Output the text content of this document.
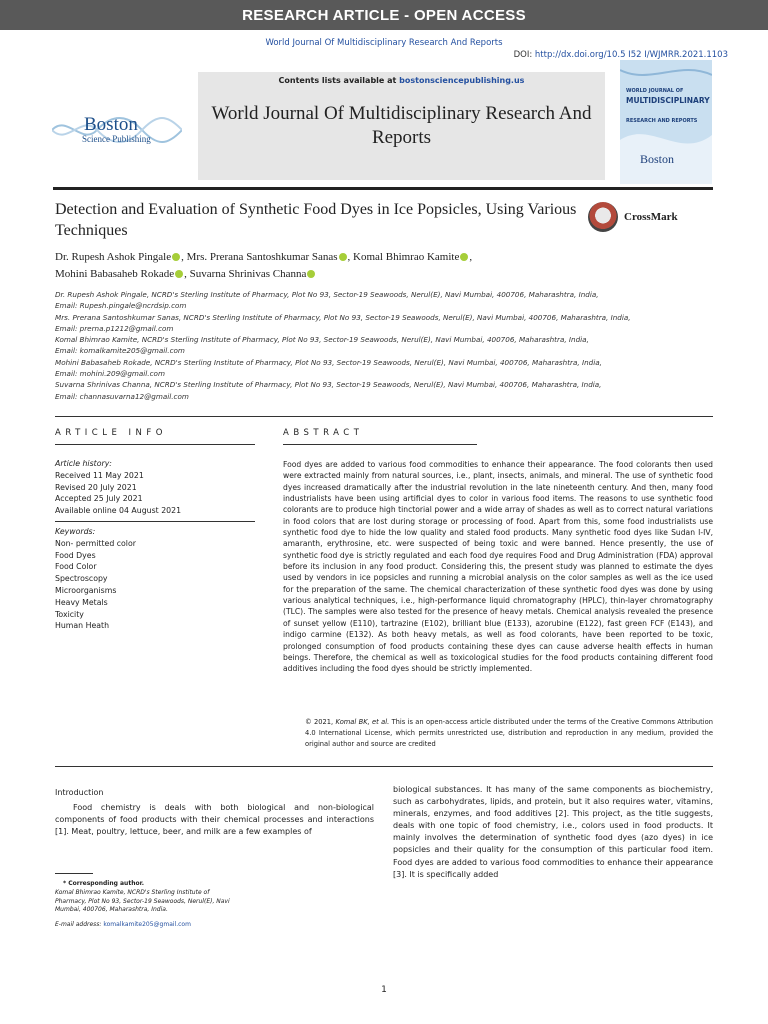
RESEARCH ARTICLE - OPEN ACCESS
World Journal Of Multidisciplinary Research And Reports
DOI: http://dx.doi.org/10.5 I52 I/WJMRR.2021.1103
Boston
Science Publishing
Contents lists available at bostonsciencepublishing.us
World Journal Of Multidisciplinary Research And Reports
WORLD JOURNAL OF
MULTIDISCIPLINARY
RESEARCH AND REPORTS
Boston
Detection and Evaluation of Synthetic Food Dyes in Ice Popsicles, Using Various Techniques
CrossMark
Dr. Rupesh Ashok Pingale , Mrs. Prerana Santoshkumar Sanas , Komal Bhimrao Kamite ,
Mohini Babasaheb Rokade , Suvarna Shrinivas Channa
Dr. Rupesh Ashok Pingale, NCRD's Sterling Institute of Pharmacy, Plot No 93, Sector-19 Seawoods, Nerul(E), Navi Mumbai, 400706, Maharashtra, India,
Email: Rupesh.pingale@ncrdsip.com
Mrs. Prerana Santoshkumar Sanas, NCRD's Sterling Institute of Pharmacy, Plot No 93, Sector-19 Seawoods, Nerul(E), Navi Mumbai, 400706, Maharashtra, India,
Email: prerna.p1212@gmail.com
Komal Bhimrao Kamite, NCRD's Sterling Institute of Pharmacy, Plot No 93, Sector-19 Seawoods, Nerul(E), Navi Mumbai, 400706, Maharashtra, India,
Email: komalkamite205@gmail.com
Mohini Babasaheb Rokade, NCRD's Sterling Institute of Pharmacy, Plot No 93, Sector-19 Seawoods, Nerul(E), Navi Mumbai, 400706, Maharashtra, India,
Email: mohini.209@gmail.com
Suvarna Shrinivas Channa, NCRD's Sterling Institute of Pharmacy, Plot No 93, Sector-19 Seawoods, Nerul(E), Navi Mumbai, 400706, Maharashtra, India,
Email: channasuvarna12@gmail.com
ARTICLE INFO	ABSTRACT
Article history:
Received 11 May 2021
Revised 20 July 2021
Accepted 25 July 2021
Available online 04 August 2021
Keywords:
Non- permitted color
Food Dyes
Food Color
Spectroscopy
Microorganisms
Heavy Metals
Toxicity
Human Heath
Food dyes are added to various food commodities to enhance their appearance. The food colorants then used were extracted mainly from natural sources, i.e., plant, insects, animals, and mineral. The use of synthetic food dyes increased dramatically after the industrial revolution in the late nineteenth century. And then, many food industrialists have been using artificial dyes to color in various food items. The reasons to use synthetic food colorants are to produce high tinctorial power and a wide array of shades as well as to correct natural variations in food colors that are lost during storage or processing of food. Apart from this, some food industrialists use synthetic food dye to hide the low quality and staled food products. Many synthetic food dyes like Sudan I-IV, amaranth, erythrosine, etc. were suspected of being toxic and were banned. Hence presently, the use of synthetic food dye is strictly regulated and each food dye requires Food and Drug Administration (FDA) approval before its inclusion in any food product. Considering this, the present study was planned to estimate the dyes used by vendors in ice popsicles and running a microbial analysis on the color samples as well as the ice used for the preparation of the same. The chemical characterization of these synthetic food dyes was done by using various analytical techniques, i.e., high-performance liquid chromatography (HPLC), thin-layer chromatography (TLC). The samples were also tested for the presence of heavy metals. Chemical analysis revealed the presence of sunset yellow (E110), tartrazine (E102), brilliant blue (E133), azorubine (E122), fast green FCF (E143), and indigo carmine (E132). As both heavy metals, as well as food colorants, have been reported to be toxic, prolonged consumption of food products containing these dyes can cause adverse health effects in human beings. Therefore, the chemical as well as toxicological studies for the food products containing different food additives including the food dyes should be strictly implemented.
© 2021, Komal BK, et al. This is an open-access article distributed under the terms of the Creative Commons Attribution 4.0 International License, which permits unrestricted use, distribution and reproduction in any medium, provided the original author and source are credited
Introduction
Food chemistry is deals with both biological and non-biological components of food products with their chemical processes and interactions [1]. Meat, poultry, lettuce, beer, and milk are a few examples of
biological substances. It has many of the same components as biochemistry, such as carbohydrates, lipids, and protein, but it also requires water, vitamins, minerals, enzymes, and food additives [2]. This project, as the title suggests, deals with one topic of food chemistry, i.e., colors used in food products. It mainly involves the determination of synthetic food dyes (azo dyes) in ice popsicles and their quality for the consumption of this particular food item. Food dyes are added to various food commodities to enhance their appearance [3]. It is specifically added
* Corresponding author.
Komal Bhimrao Kamite, NCRD's Sterling Institute of Pharmacy, Plot No 93, Sector-19 Seawoods, Nerul(E), Navi Mumbai, 400706, Maharashtra, India.
E-mail address: komalkamite205@gmail.com
1
